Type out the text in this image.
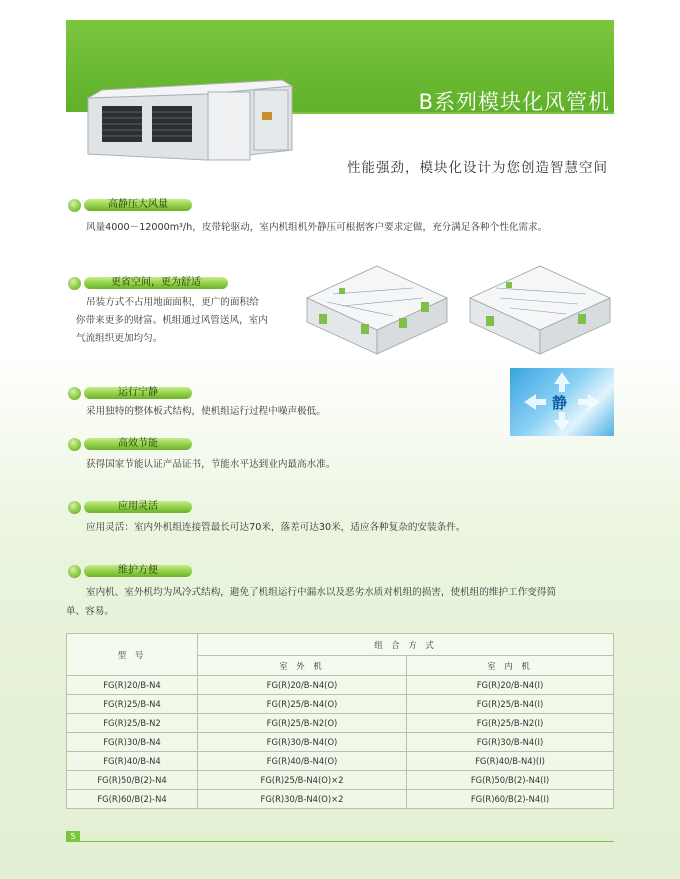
B系列模块化风管机
性能强劲，模块化设计为您创造智慧空间
高静压大风量
风量4000－12000m³/h，皮带轮驱动，室内机组机外静压可根据客户要求定做，充分满足各种个性化需求。
更省空间，更为舒适
吊装方式不占用地面面积，更广的面积给
你带来更多的财富。机组通过风管送风，室内
气流组织更加均匀。
运行宁静
采用独特的整体板式结构，使机组运行过程中噪声极低。	静
高效节能
获得国家节能认证产品证书，节能水平达到业内最高水准。
应用灵活
应用灵活：室内外机组连接管最长可达70米，落差可达30米，适应各种复杂的安装条件。
维护方便
室内机、室外机均为风冷式结构，避免了机组运行中漏水以及恶劣水质对机组的损害，使机组的维护工作变得简
单、容易。
型 号	组 合 方 式	
	室 外 机	室 内 机
FG(R)20/B-N4	FG(R)20/B-N4(O)	FG(R)20/B-N4(I)
FG(R)25/B-N4	FG(R)25/B-N4(O)	FG(R)25/B-N4(I)
FG(R)25/B-N2	FG(R)25/B-N2(O)	FG(R)25/B-N2(I)
FG(R)30/B-N4	FG(R)30/B-N4(O)	FG(R)30/B-N4(I)
FG(R)40/B-N4	FG(R)40/B-N4(O)	FG(R)40/B-N4)(I)
FG(R)50/B(2)-N4	FG(R)25/B-N4(O)×2	FG(R)50/B(2)-N4(I)
FG(R)60/B(2)-N4	FG(R)30/B-N4(O)×2	FG(R)60/B(2)-N4(I)
5
